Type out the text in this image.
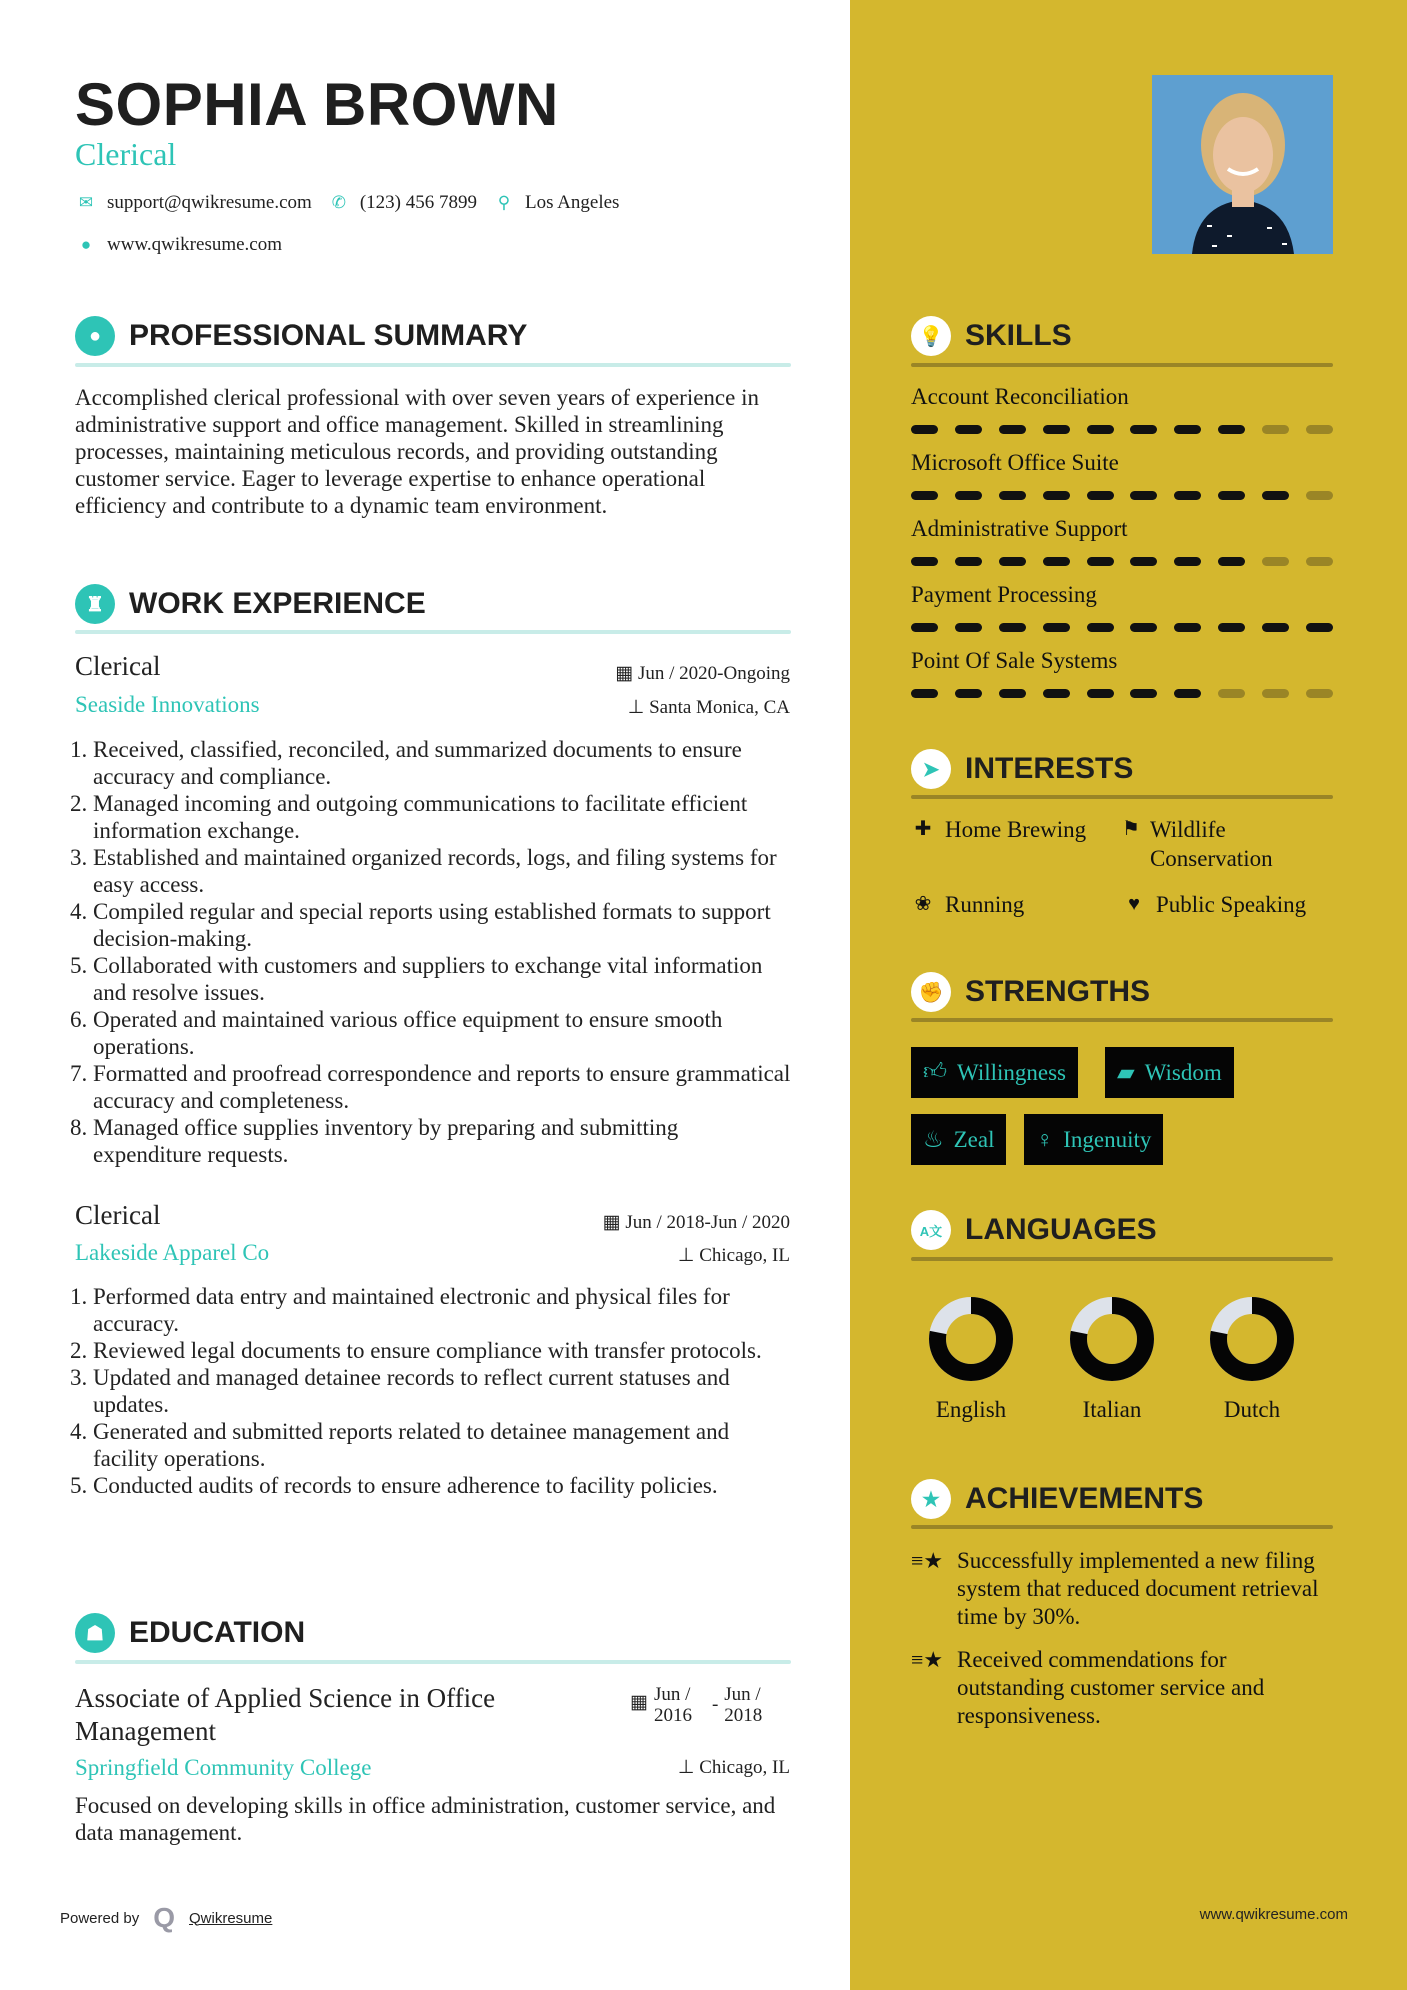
SOPHIA BROWN
Clerical
✉ support@qwikresume.com ✆ (123) 456 7899 ⚲ Los Angeles
● www.qwikresume.com
● PROFESSIONAL SUMMARY
Accomplished clerical professional with over seven years of experience in administrative support and office management. Skilled in streamlining processes, maintaining meticulous records, and providing outstanding customer service. Eager to leverage expertise to enhance operational efficiency and contribute to a dynamic team environment.
♜ WORK EXPERIENCE
Clerical	▦ Jun / 2020-Ongoing
Seaside Innovations	⊥ Santa Monica, CA
1. Received, classified, reconciled, and summarized documents to ensure accuracy and compliance.
2. Managed incoming and outgoing communications to facilitate efficient information exchange.
3. Established and maintained organized records, logs, and filing systems for easy access.
4. Compiled regular and special reports using established formats to support decision-making.
5. Collaborated with customers and suppliers to exchange vital information and resolve issues.
6. Operated and maintained various office equipment to ensure smooth operations.
7. Formatted and proofread correspondence and reports to ensure grammatical accuracy and completeness.
8. Managed office supplies inventory by preparing and submitting expenditure requests.
Clerical	▦ Jun / 2018-Jun / 2020
Lakeside Apparel Co	⊥ Chicago, IL
1. Performed data entry and maintained electronic and physical files for accuracy.
2. Reviewed legal documents to ensure compliance with transfer protocols.
3. Updated and managed detainee records to reflect current statuses and updates.
4. Generated and submitted reports related to detainee management and facility operations.
5. Conducted audits of records to ensure adherence to facility policies.
☗ EDUCATION
Associate of Applied Science in Office Management
▦ Jun /
2016
- Jun /
2018
Springfield Community College	⊥ Chicago, IL
Focused on developing skills in office administration, customer service, and data management.
Powered by Q Qwikresume
💡 SKILLS
Account Reconciliation
Microsoft Office Suite
Administrative Support
Payment Processing
Point Of Sale Systems
➤ INTERESTS
✚ Home Brewing ⚑ Wildlife Conservation
❀ Running	♥ Public Speaking
✊ STRENGTHS
👍︎ Willingness ▰ Wisdom
♨ Zeal ♀ Ingenuity
A文 LANGUAGES
English	Italian	Dutch
★ ACHIEVEMENTS
≡★ Successfully implemented a new filing system that reduced document retrieval time by 30%.
≡★ Received commendations for outstanding customer service and responsiveness.
www.qwikresume.com
